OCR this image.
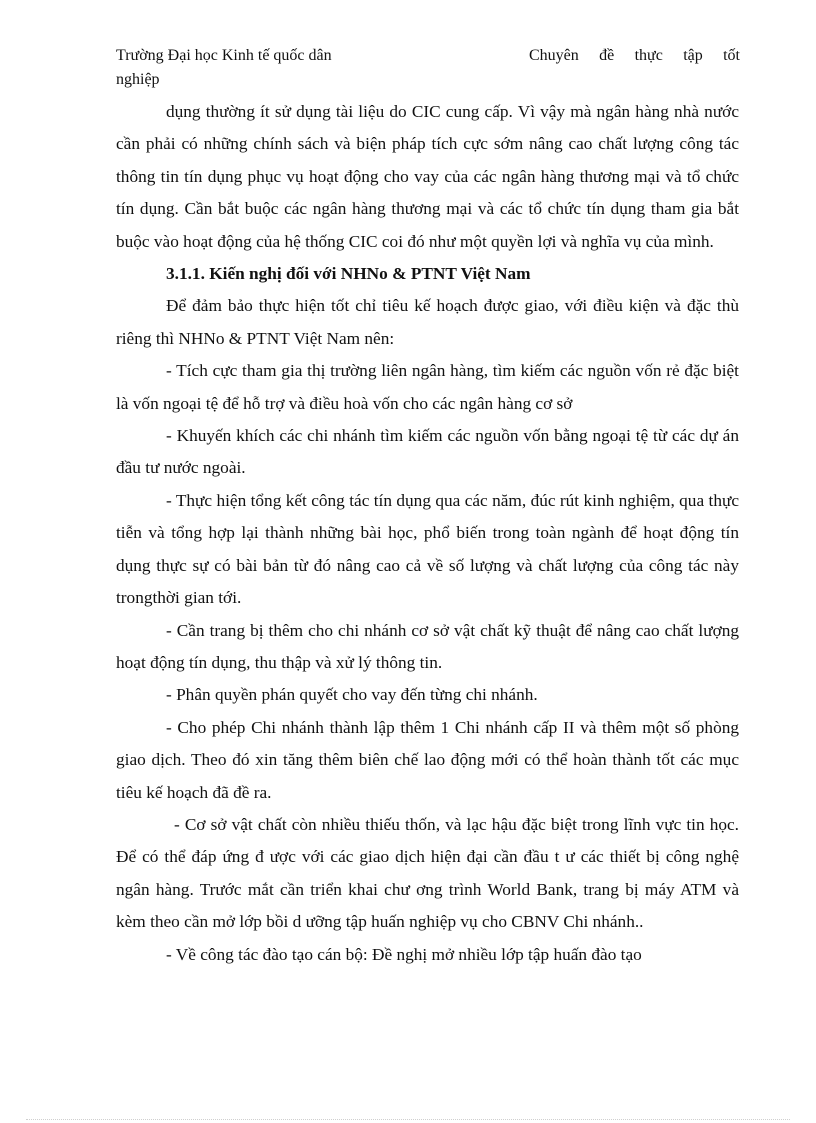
Trường Đại học Kinh tế quốc dân	Chuyên đề thực tập tốt
nghiệp

dụng thường ít sử dụng tài liệu do CIC cung cấp. Vì vậy mà ngân hàng nhà nước cần phải có những chính sách và biện pháp tích cực sớm nâng cao chất lượng công tác thông tin tín dụng phục vụ hoạt động cho vay của các ngân hàng thương mại và tổ chức tín dụng. Cần bắt buộc các ngân hàng thương mại và các tổ chức tín dụng tham gia bắt buộc vào hoạt động của hệ thống CIC coi đó như một quyền lợi và nghĩa vụ của mình.

3.1.1. Kiến nghị đối với NHNo & PTNT Việt Nam

Để đảm bảo thực hiện tốt chỉ tiêu kế hoạch được giao, với điều kiện và đặc thù riêng thì NHNo & PTNT Việt Nam nên:

- Tích cực tham gia thị trường liên ngân hàng, tìm kiếm các nguồn vốn rẻ đặc biệt là vốn ngoại tệ để hỗ trợ và điều hoà vốn cho các ngân hàng cơ sở

- Khuyến khích các chi nhánh tìm kiếm các nguồn vốn bằng ngoại tệ từ các dự án đầu tư nước ngoài.

- Thực hiện tổng kết công tác tín dụng qua các năm, đúc rút kinh nghiệm, qua thực tiễn và tổng hợp lại thành những bài học, phổ biến trong toàn ngành để hoạt động tín dụng thực sự có bài bản từ đó nâng cao cả về số lượng và chất lượng của công tác này trongthời gian tới.

- Cần trang bị thêm cho chi nhánh cơ sở vật chất kỹ thuật để nâng cao chất lượng hoạt động tín dụng, thu thập và xử lý thông tin.

- Phân quyền phán quyết cho vay đến từng chi nhánh.

- Cho phép Chi nhánh thành lập thêm 1 Chi nhánh cấp II và thêm một số phòng giao dịch. Theo đó xin tăng thêm biên chế lao động mới có thể hoàn thành tốt các mục tiêu kế hoạch đã đề ra.

- Cơ sở vật chất còn nhiều thiếu thốn, và lạc hậu đặc biệt trong lĩnh vực tin học. Để có thể đáp ứng đ ược với các giao dịch hiện đại cần đầu t ư các thiết bị công nghệ ngân hàng. Trước mắt cần triển khai chư ơng trình World Bank, trang bị máy ATM và kèm theo cần mở lớp bồi d ưỡng tập huấn nghiệp vụ cho CBNV Chi nhánh..

- Về công tác đào tạo cán bộ: Đề nghị mở nhiều lớp tập huấn đào tạo
